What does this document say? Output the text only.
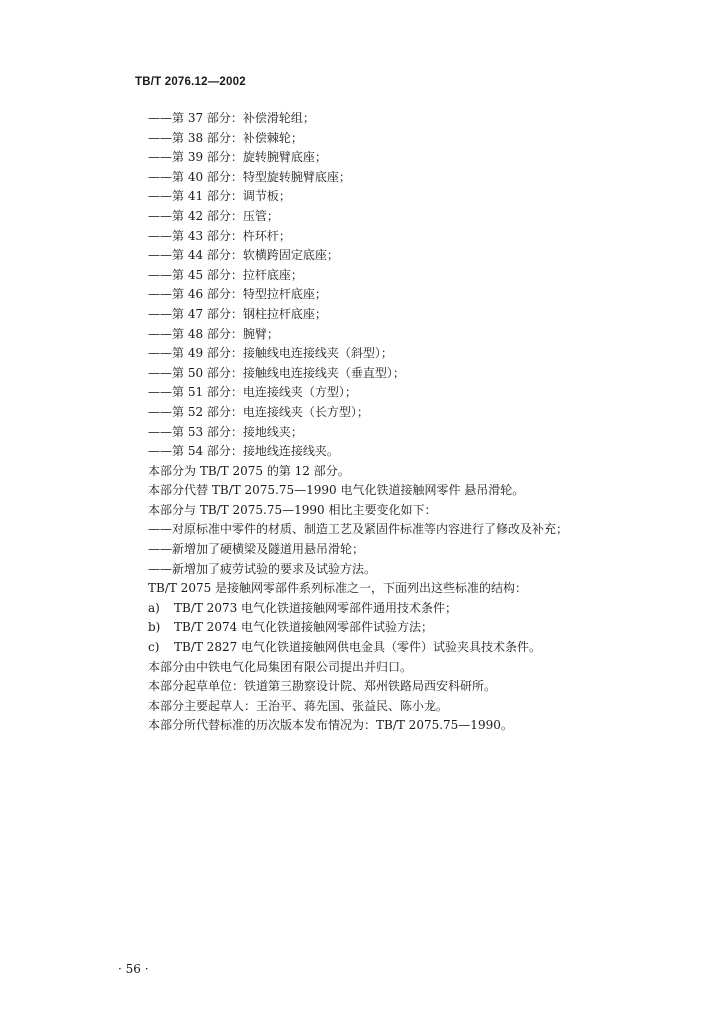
TB/T 2076.12—2002
——第 37 部分：补偿滑轮组；
——第 38 部分：补偿棘轮；
——第 39 部分：旋转腕臂底座；
——第 40 部分：特型旋转腕臂底座；
——第 41 部分：调节板；
——第 42 部分：压管；
——第 43 部分：杵环杆；
——第 44 部分：软横跨固定底座；
——第 45 部分：拉杆底座；
——第 46 部分：特型拉杆底座；
——第 47 部分：钢柱拉杆底座；
——第 48 部分：腕臂；
——第 49 部分：接触线电连接线夹（斜型）；
——第 50 部分：接触线电连接线夹（垂直型）；
——第 51 部分：电连接线夹（方型）；
——第 52 部分：电连接线夹（长方型）；
——第 53 部分：接地线夹；
——第 54 部分：接地线连接线夹。
本部分为 TB/T 2075 的第 12 部分。
本部分代替 TB/T 2075.75—1990 电气化铁道接触网零件 悬吊滑轮。
本部分与 TB/T 2075.75—1990 相比主要变化如下：
——对原标准中零件的材质、制造工艺及紧固件标准等内容进行了修改及补充；
——新增加了硬横梁及隧道用悬吊滑轮；
——新增加了疲劳试验的要求及试验方法。
TB/T 2075 是接触网零部件系列标准之一，下面列出这些标准的结构：
a) TB/T 2073 电气化铁道接触网零部件通用技术条件；
b) TB/T 2074 电气化铁道接触网零部件试验方法；
c) TB/T 2827 电气化铁道接触网供电金具（零件）试验夹具技术条件。
本部分由中铁电气化局集团有限公司提出并归口。
本部分起草单位：铁道第三勘察设计院、郑州铁路局西安科研所。
本部分主要起草人：王治平、蒋先国、张益民、陈小龙。
本部分所代替标准的历次版本发布情况为：TB/T 2075.75—1990。
· 56 ·
